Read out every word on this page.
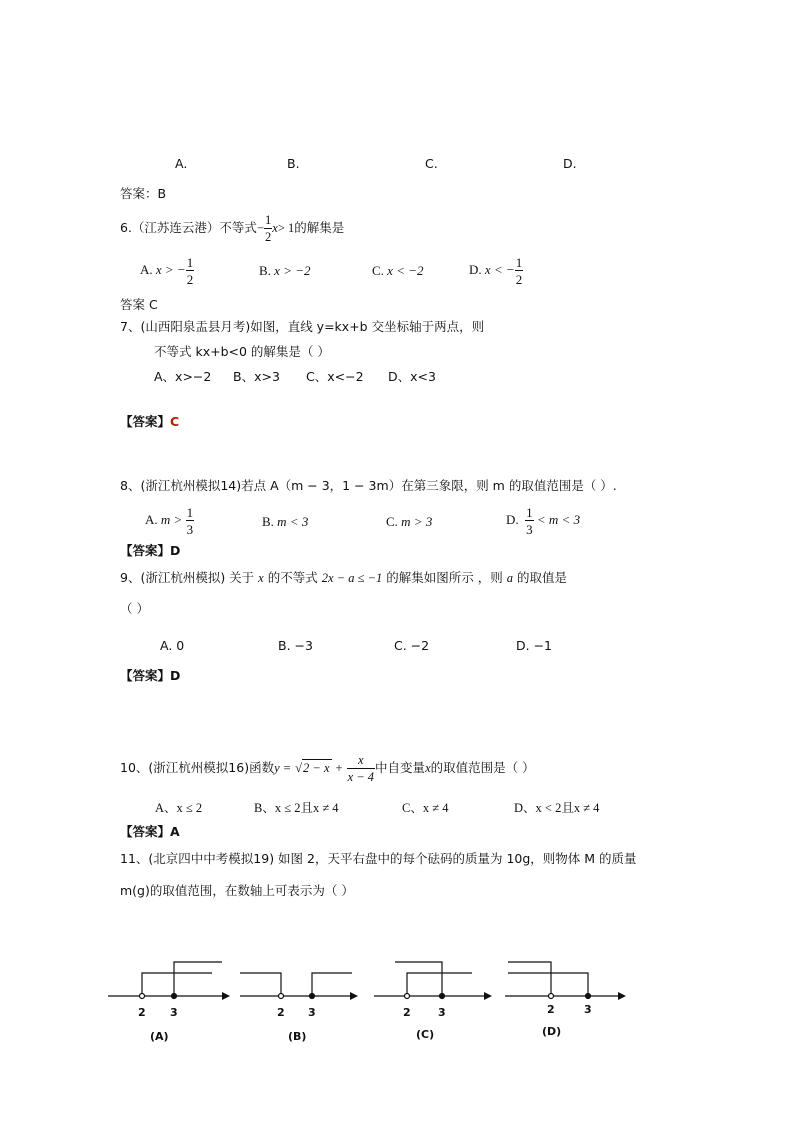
A.	B.	C.	D.
答案：B
6.（江苏连云港）不等式− $\frac{1}{2} x> 1$的解集是
A. x > − $\frac{1}{2}$	B. x > −2	C. x < −2	D. x < − $\frac{1}{2}$
答案 C
7、(山西阳泉盂县月考)如图，直线 y=kx+b 交坐标轴于两点，则
不等式 kx+b<0 的解集是（ ）
A、x>−2 B、x>3 C、x<−2 D、x<3
【答案】C
8、(浙江杭州模拟14)若点 A（m − 3，1 − 3m）在第三象限，则 m 的取值范围是（ ）.
A. $m > \frac{1}{3}$	B. m < 3	C. m > 3	D. $\frac{1}{3} < m < 3$
【答案】D
9、(浙江杭州模拟) 关于 x 的不等式 2x − a ≤ −1 的解集如图所示 ，则 a 的取值是
（ ）
A. 0	B. −3	C. −2	D. −1
【答案】D
10、(浙江杭州模拟16)函数$y = √2 - x + \frac{x}{x - 4}$ 中自变量x的取值范围是（ ）
A、x ≤ 2	B、x ≤ 2且x ≠ 4	C、x ≠ 4	D、x < 2且x ≠ 4
【答案】A
11、(北京四中中考模拟19) 如图 2，天平右盘中的每个砝码的质量为 10g，则物体 M 的质量
m(g)的取值范围，在数轴上可表示为（ ）
2 3
(A)
2 3
(B)
2 3
(C)
2	3
(D)
